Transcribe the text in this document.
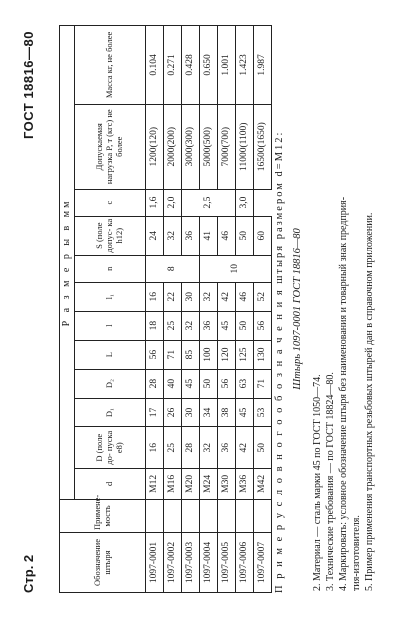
Стр. 2
ГОСТ 18816—80
Обозначение штыря	Примене- мость	Р а з м е р ы в мм											
		d	D (поле до- пуска e8)	D₁	D₂	L	l	l₁	n	S (поле допус- ка h12)	c	Допускаемая нагрузка P, т (кгс) не более	Масса кг, не более
1097-0001		M12	16	17	28	56	18	16	8	24	1,6	1200(120)	0.104
1097-0002		M16	25	26	40	71	25	22		32	2,0	2000(200)	0.271
1097-0003		M20	28	30	45	85	32	30		36		3000(300)	0.428
1097-0004		M24	32	34	50	100	36	32	10	41	2,5	5000(500)	0.650
1097-0005		M30	36	38	56	120	45	42		46		7000(700)	1.001
1097-0006		M36	42	45	63	125	50	46		50	3,0	11000(1100)	1.423
1097-0007		M42	50	53	71	130	56	52		60		16500(1650)	1.987
П р и м е р у с л о в н о г о о б о з н а ч е н и я штыря размером d=M12: Штырь 1097-0001 ГОСТ 18816—80
2. Материал — сталь марки 45 по ГОСТ 1050—74. 3. Технические требования — по ГОСТ 18824—80. 4. Маркировать: условное обозначение штыря без наименования и товарный знак предприя- тия-изготовителя. 5. Пример применения транспортных резьбовых штырей дан в справочном приложении.
